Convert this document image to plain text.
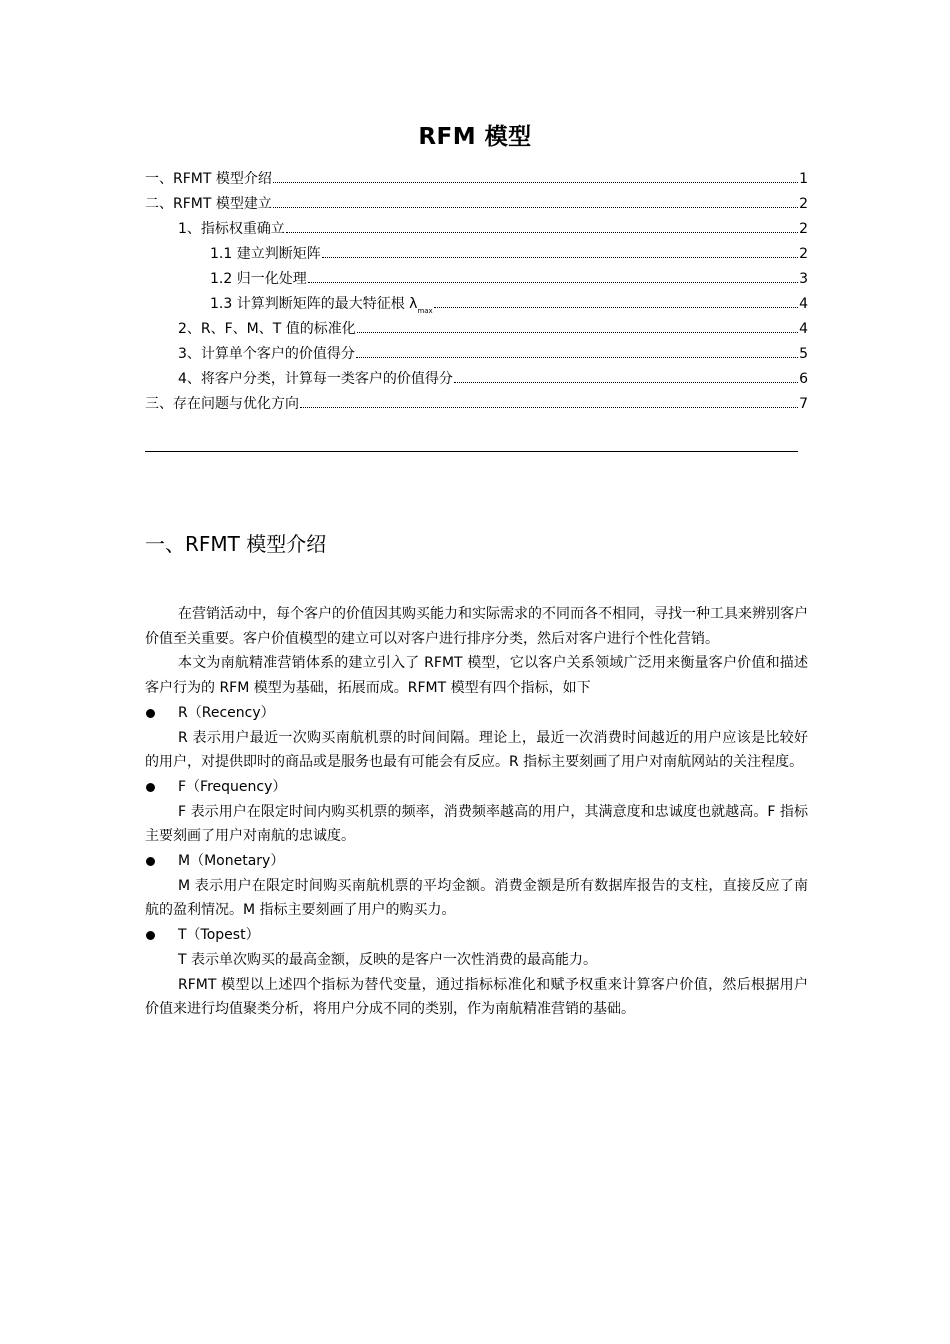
RFM 模型
一、RFMT 模型介绍	1
二、RFMT 模型建立	2
1、指标权重确立	2
1.1 建立判断矩阵	2
1.2 归一化处理	3
1.3 计算判断矩阵的最大特征根 $\lambda_{max}$	4
2、R、F、M、T 值的标准化	4
3、计算单个客户的价值得分	5
4、将客户分类，计算每一类客户的价值得分	6
三、存在问题与优化方向	7
一、RFMT 模型介绍

在营销活动中，每个客户的价值因其购买能力和实际需求的不同而各不相同，寻找一种工具来辨别客户价值至关重要。客户价值模型的建立可以对客户进行排序分类，然后对客户进行个性化营销。

本文为南航精准营销体系的建立引入了 RFMT 模型，它以客户关系领域广泛用来衡量客户价值和描述客户行为的 RFM 模型为基础，拓展而成。RFMT 模型有四个指标，如下

R（Recency）

R 表示用户最近一次购买南航机票的时间间隔。理论上，最近一次消费时间越近的用户应该是比较好的用户，对提供即时的商品或是服务也最有可能会有反应。R 指标主要刻画了用户对南航网站的关注程度。

F（Frequency）

F 表示用户在限定时间内购买机票的频率，消费频率越高的用户，其满意度和忠诚度也就越高。F 指标主要刻画了用户对南航的忠诚度。

M（Monetary）

M 表示用户在限定时间购买南航机票的平均金额。消费金额是所有数据库报告的支柱，直接反应了南航的盈利情况。M 指标主要刻画了用户的购买力。

T（Topest）

T 表示单次购买的最高金额，反映的是客户一次性消费的最高能力。

RFMT 模型以上述四个指标为替代变量，通过指标标准化和赋予权重来计算客户价值，然后根据用户价值来进行均值聚类分析，将用户分成不同的类别，作为南航精准营销的基础。
